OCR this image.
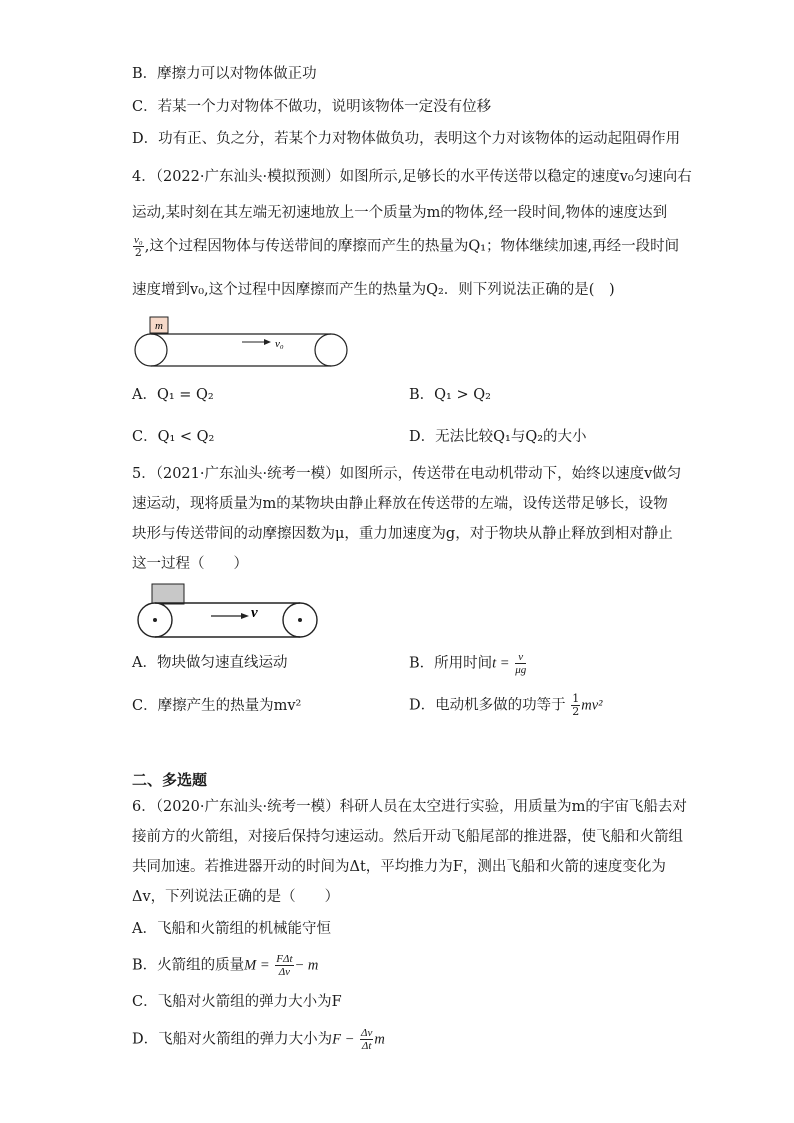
B．摩擦力可以对物体做正功
C．若某一个力对物体不做功，说明该物体一定没有位移
D．功有正、负之分，若某个力对物体做负功，表明这个力对该物体的运动起阻碍作用
4．（2022·广东汕头·模拟预测）如图所示,足够长的水平传送带以稳定的速度v₀匀速向右
运动,某时刻在其左端无初速地放上一个质量为m的物体,经一段时间,物体的速度达到
$\frac{\text{v₀}}{2}$ ,这个过程因物体与传送带间的摩擦而产生的热量为Q₁；物体继续加速,再经一段时间
速度增到v₀,这个过程中因摩擦而产生的热量为Q₂．则下列说法正确的是(　)
m
v₀
A．Q₁ = Q₂	B．Q₁ > Q₂
C．Q₁ < Q₂	D．无法比较Q₁与Q₂的大小
5．（2021·广东汕头·统考一模）如图所示，传送带在电动机带动下，始终以速度v做匀
速运动，现将质量为m的某物块由静止释放在传送带的左端，设传送带足够长，设物
块形与传送带间的动摩擦因数为μ，重力加速度为g，对于物块从静止释放到相对静止
这一过程（　　）
v
A．物块做匀速直线运动	B．所用时间$t = \frac{v}{\mu g}$
C．摩擦产生的热量为mv²	D．电动机多做的功等于 $\frac{1}{2} mv^2$
二、多选题
6．（2020·广东汕头·统考一模）科研人员在太空进行实验，用质量为m的宇宙飞船去对
接前方的火箭组，对接后保持匀速运动。然后开动飞船尾部的推进器，使飞船和火箭组
共同加速。若推进器开动的时间为Δt，平均推力为F，测出飞船和火箭的速度变化为
Δv，下列说法正确的是（　　）
A．飞船和火箭组的机械能守恒
B．火箭组的质量$M = \frac{\text{FΔt}}{\Delta v} - m$
C．飞船对火箭组的弹力大小为F
D．飞船对火箭组的弹力大小为$F - \frac{\Delta v}{\Delta t}$ m
